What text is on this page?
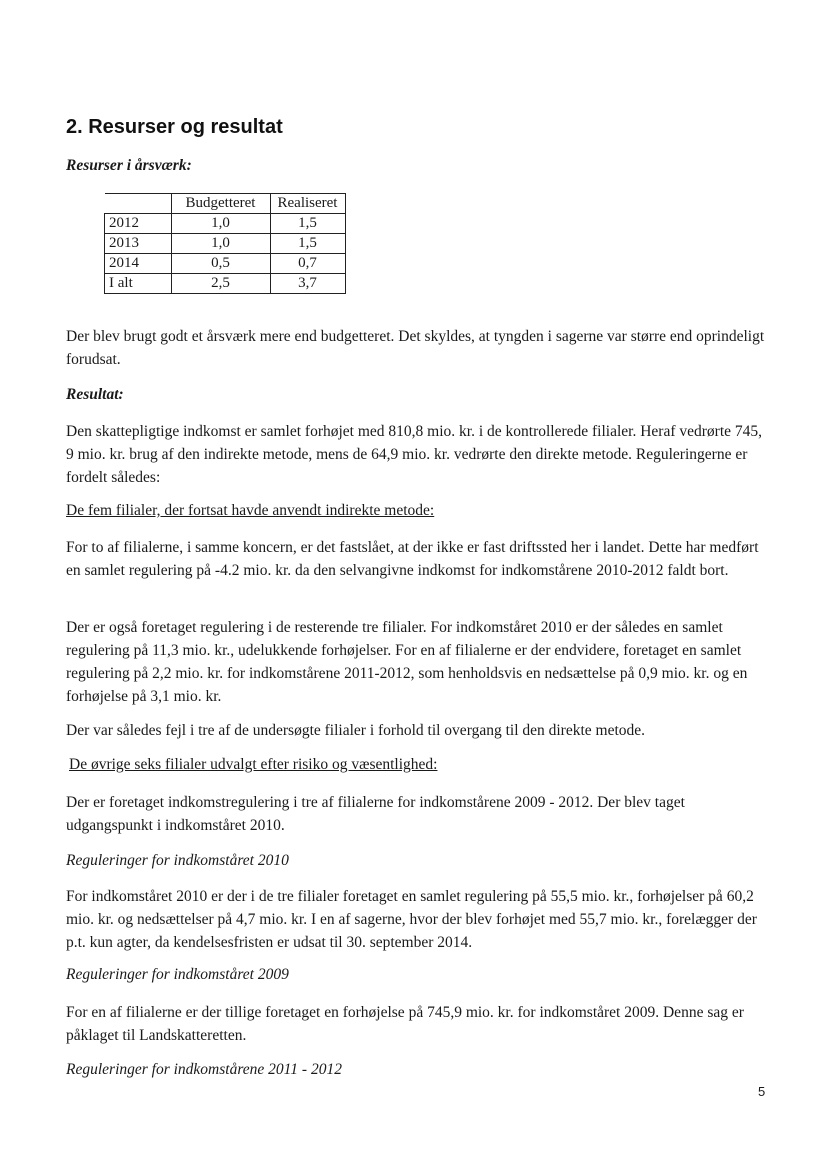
2. Resurser og resultat
Resurser i årsværk:
	Budgetteret	Realiseret
2012	1,0	1,5
2013	1,0	1,5
2014	0,5	0,7
I alt	2,5	3,7

Der blev brugt godt et årsværk mere end budgetteret. Det skyldes, at tyngden i sagerne var større end oprindeligt forudsat.

Resultat:

Den skattepligtige indkomst er samlet forhøjet med 810,8 mio. kr. i de kontrollerede filialer. Heraf vedrørte 745, 9 mio. kr. brug af den indirekte metode, mens de 64,9 mio. kr. vedrørte den direkte metode. Reguleringerne er fordelt således:

De fem filialer, der fortsat havde anvendt indirekte metode:

For to af filialerne, i samme koncern, er det fastslået, at der ikke er fast driftssted her i landet. Dette har medført en samlet regulering på -4.2 mio. kr. da den selvangivne indkomst for indkomstårene 2010-2012 faldt bort.

Der er også foretaget regulering i de resterende tre filialer. For indkomståret 2010 er der således en samlet regulering på 11,3 mio. kr., udelukkende forhøjelser. For en af filialerne er der endvidere, foretaget en samlet regulering på 2,2 mio. kr. for indkomstårene 2011-2012, som henholdsvis en nedsættelse på 0,9 mio. kr. og en forhøjelse på 3,1 mio. kr.

Der var således fejl i tre af de undersøgte filialer i forhold til overgang til den direkte metode.

De øvrige seks filialer udvalgt efter risiko og væsentlighed:

Der er foretaget indkomstregulering i tre af filialerne for indkomstårene 2009 - 2012. Der blev taget udgangspunkt i indkomståret 2010.

Reguleringer for indkomståret 2010

For indkomståret 2010 er der i de tre filialer foretaget en samlet regulering på 55,5 mio. kr., forhøjelser på 60,2 mio. kr. og nedsættelser på 4,7 mio. kr. I en af sagerne, hvor der blev forhøjet med 55,7 mio. kr., forelægger der p.t. kun agter, da kendelsesfristen er udsat til 30. september 2014.

Reguleringer for indkomståret 2009

For en af filialerne er der tillige foretaget en forhøjelse på 745,9 mio. kr. for indkomståret 2009. Denne sag er påklaget til Landskatteretten.

Reguleringer for indkomstårene 2011 - 2012
5
